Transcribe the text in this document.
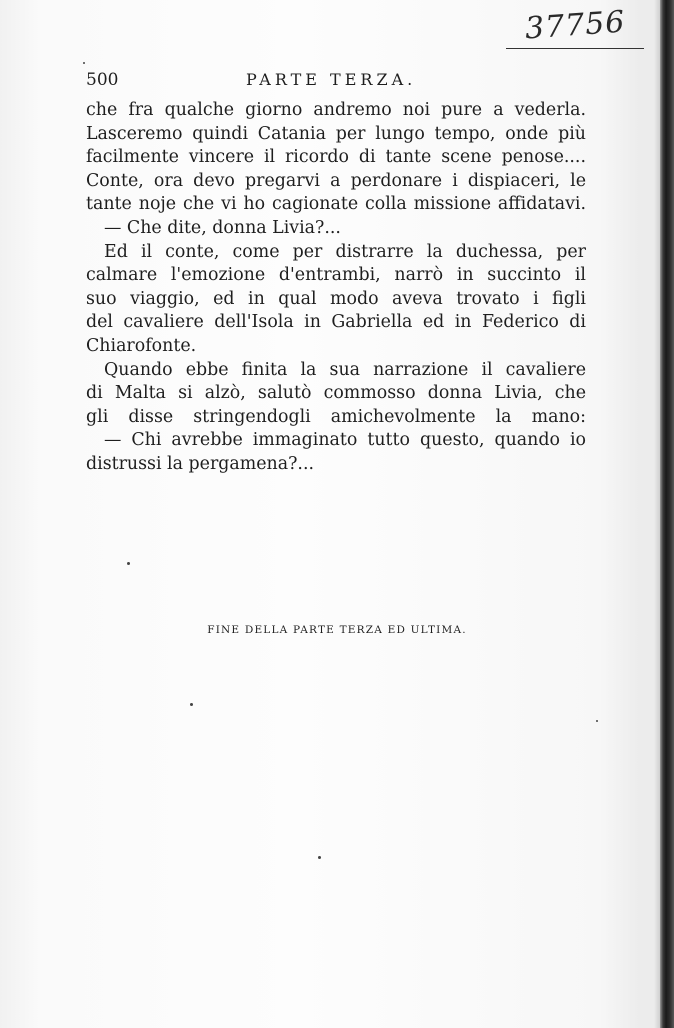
37756
500	PARTE TERZA.
che fra qualche giorno andremo noi pure a vederla.
Lasceremo quindi Catania per lungo tempo, onde più
facilmente vincere il ricordo di tante scene penose....
Conte, ora devo pregarvi a perdonare i dispiaceri, le
tante noje che vi ho cagionate colla missione affidatavi.
— Che dite, donna Livia?...
Ed il conte, come per distrarre la duchessa, per
calmare l'emozione d'entrambi, narrò in succinto il
suo viaggio, ed in qual modo aveva trovato i figli
del cavaliere dell'Isola in Gabriella ed in Federico di
Chiarofonte.
Quando ebbe finita la sua narrazione il cavaliere
di Malta si alzò, salutò commosso donna Livia, che
gli disse stringendogli amichevolmente la mano:
— Chi avrebbe immaginato tutto questo, quando io
distrussi la pergamena?...
FINE DELLA PARTE TERZA ED ULTIMA.
